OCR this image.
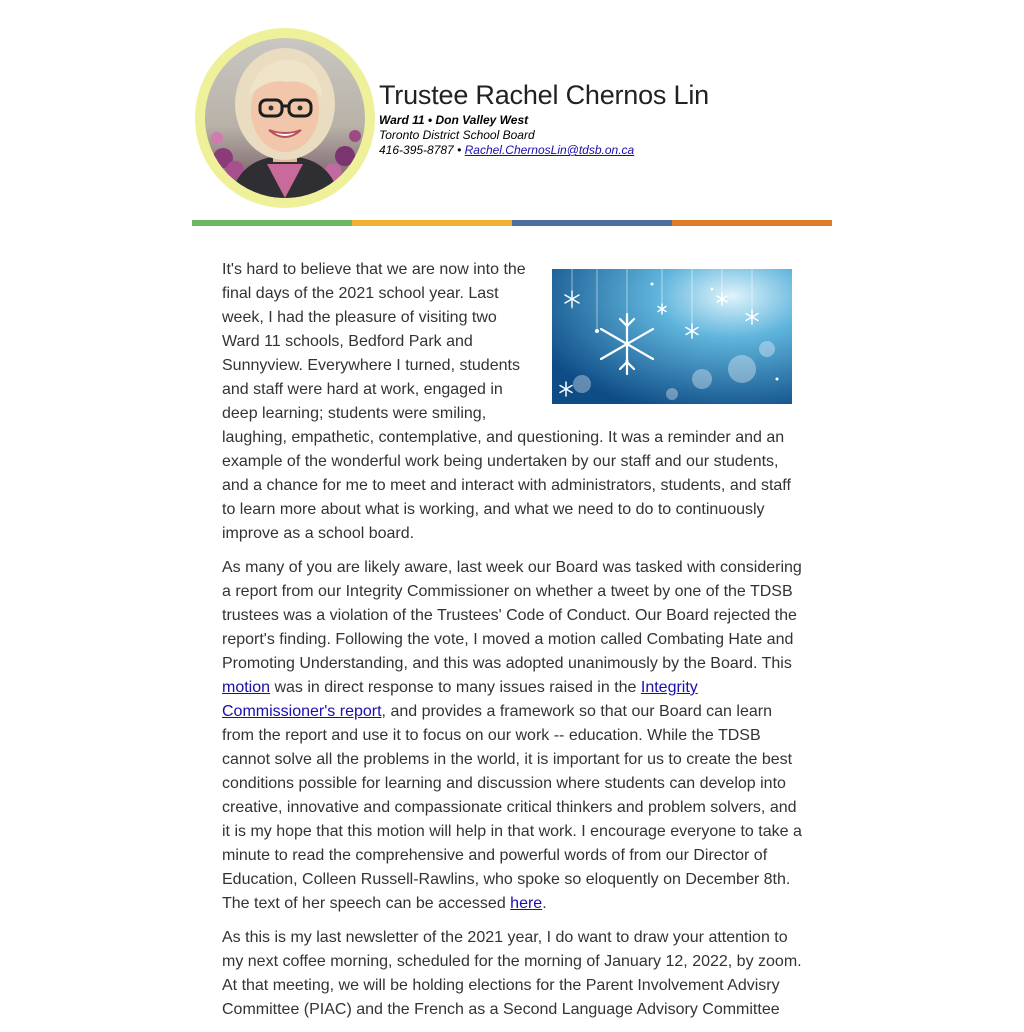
Trustee Rachel Chernos Lin
Ward 11 • Don Valley West
Toronto District School Board
416-395-8787 • Rachel.ChernosLin@tdsb.on.ca

It's hard to believe that we are now into the final days of the 2021 school year. Last week, I had the pleasure of visiting two Ward 11 schools, Bedford Park and Sunnyview. Everywhere I turned, students and staff were hard at work, engaged in deep learning; students were smiling, laughing, empathetic, contemplative, and questioning. It was a reminder and an example of the wonderful work being undertaken by our staff and our students, and a chance for me to meet and interact with administrators, students, and staff to learn more about what is working, and what we need to do to continuously improve as a school board.

As many of you are likely aware, last week our Board was tasked with considering a report from our Integrity Commissioner on whether a tweet by one of the TDSB trustees was a violation of the Trustees' Code of Conduct. Our Board rejected the report's finding. Following the vote, I moved a motion called Combating Hate and Promoting Understanding, and this was adopted unanimously by the Board. This motion was in direct response to many issues raised in the Integrity Commissioner's report, and provides a framework so that our Board can learn from the report and use it to focus on our work -- education. While the TDSB cannot solve all the problems in the world, it is important for us to create the best conditions possible for learning and discussion where students can develop into creative, innovative and compassionate critical thinkers and problem solvers, and it is my hope that this motion will help in that work. I encourage everyone to take a minute to read the comprehensive and powerful words of from our Director of Education, Colleen Russell-Rawlins, who spoke so eloquently on December 8th. The text of her speech can be accessed here.

As this is my last newsletter of the 2021 year, I do want to draw your attention to my next coffee morning, scheduled for the morning of January 12, 2022, by zoom. At that meeting, we will be holding elections for the Parent Involvement Advisry Committee (PIAC) and the French as a Second Language Advisory Committee
